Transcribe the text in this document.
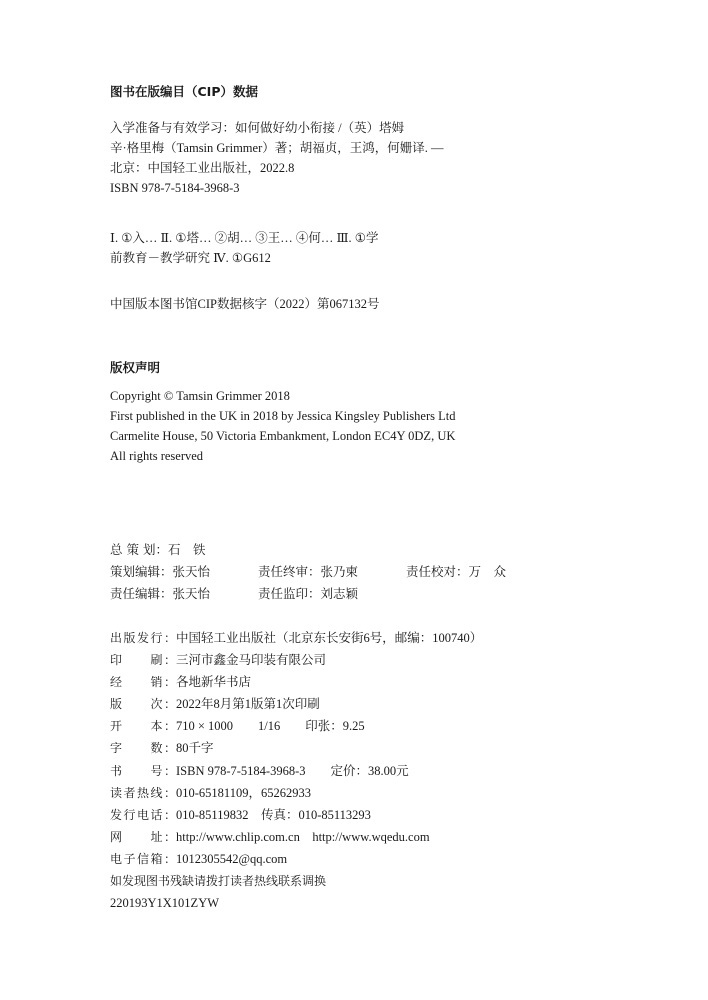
图书在版编目（CIP）数据
入学准备与有效学习：如何做好幼小衔接 /（英）塔姆
辛·格里梅（Tamsin Grimmer）著；胡福贞，王鸿，何姗译. —
北京：中国轻工业出版社，2022.8
ISBN 978-7-5184-3968-3
Ⅰ. ①入… Ⅱ. ①塔… ②胡… ③王… ④何… Ⅲ. ①学
前教育－教学研究 Ⅳ. ①G612
中国版本图书馆CIP数据核字（2022）第067132号
版权声明
Copyright © Tamsin Grimmer 2018
First published in the UK in 2018 by Jessica Kingsley Publishers Ltd
Carmelite House, 50 Victoria Embankment, London EC4Y 0DZ, UK
All rights reserved
总 策 划：石　铁
策划编辑：张天怡	责任终审：张乃柬	责任校对：万　众
责任编辑：张天怡	责任监印：刘志颖
出版发行： 中国轻工业出版社（北京东长安街6号，邮编：100740）
印　　刷： 三河市鑫金马印装有限公司
经　　销： 各地新华书店
版　　次： 2022年8月第1版第1次印刷
开　　本： 710 × 1000　　1/16　　印张：9.25
字　　数： 80千字
书　　号： ISBN 978-7-5184-3968-3　　定价：38.00元
读者热线： 010-65181109，65262933
发行电话： 010-85119832　传真：010-85113293
网　　址： http://www.chlip.com.cn　http://www.wqedu.com
电子信箱： 1012305542@qq.com
如发现图书残缺请拨打读者热线联系调换
220193Y1X101ZYW
